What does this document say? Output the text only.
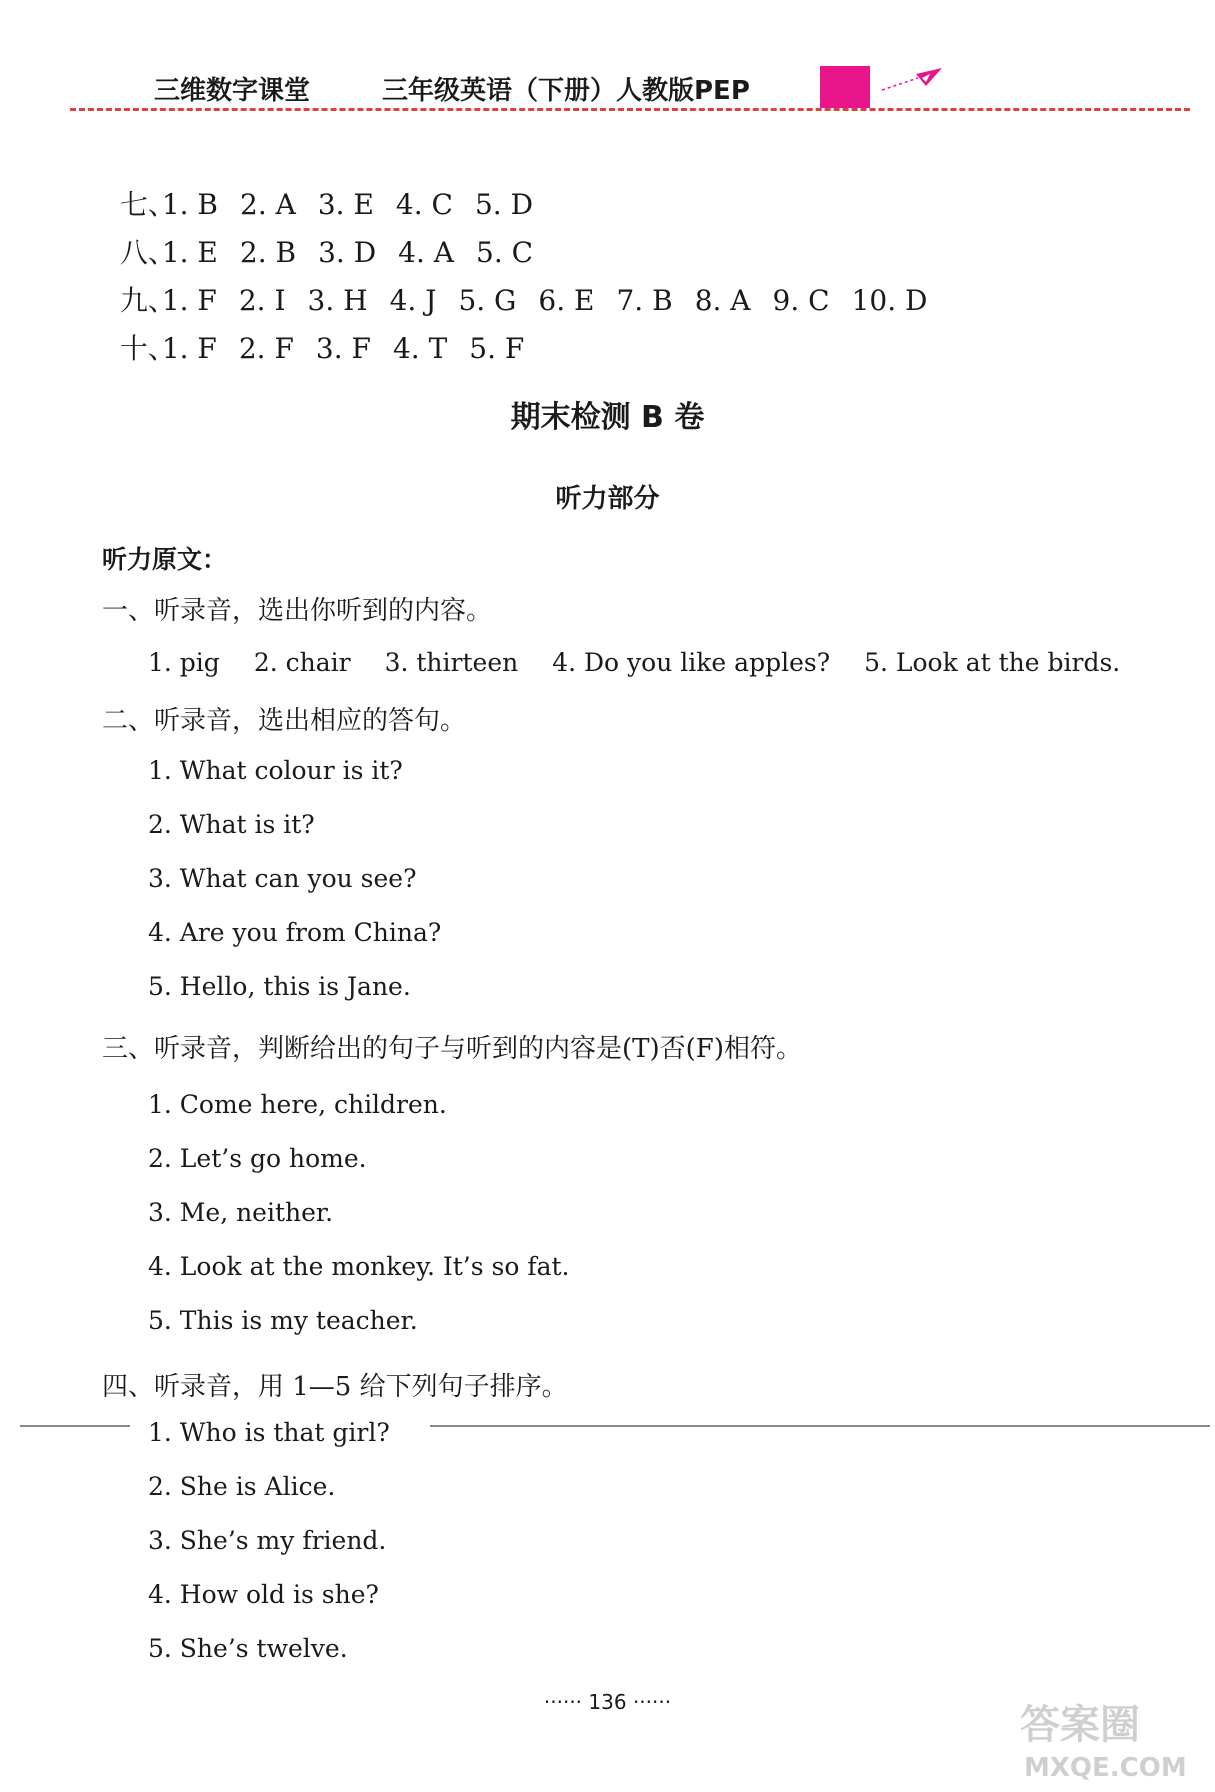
三维数字课堂	三年级英语（下册）人教版PEP

七、1. B 2. A 3. E 4. C 5. D

八、1. E 2. B 3. D 4. A 5. C

九、1. F 2. I 3. H 4. J 5. G 6. E 7. B 8. A 9. C 10. D

十、1. F 2. F 3. F 4. T 5. F

期末检测 B 卷
听力部分
听力原文：
一、听录音，选出你听到的内容。
1. pig 2. chair 3. thirteen 4. Do you like apples? 5. Look at the birds.
二、听录音，选出相应的答句。
1. What colour is it?
2. What is it?
3. What can you see?
4. Are you from China?
5. Hello, this is Jane.
三、听录音，判断给出的句子与听到的内容是(T)否(F)相符。
1. Come here, children.
2. Let’s go home.
3. Me, neither.
4. Look at the monkey. It’s so fat.
5. This is my teacher.
四、听录音，用 1—5 给下列句子排序。
1. Who is that girl?
2. She is Alice.
3. She’s my friend.
4. How old is she?
5. She’s twelve.
······ 136 ······	答案圈
MXQE.COM
